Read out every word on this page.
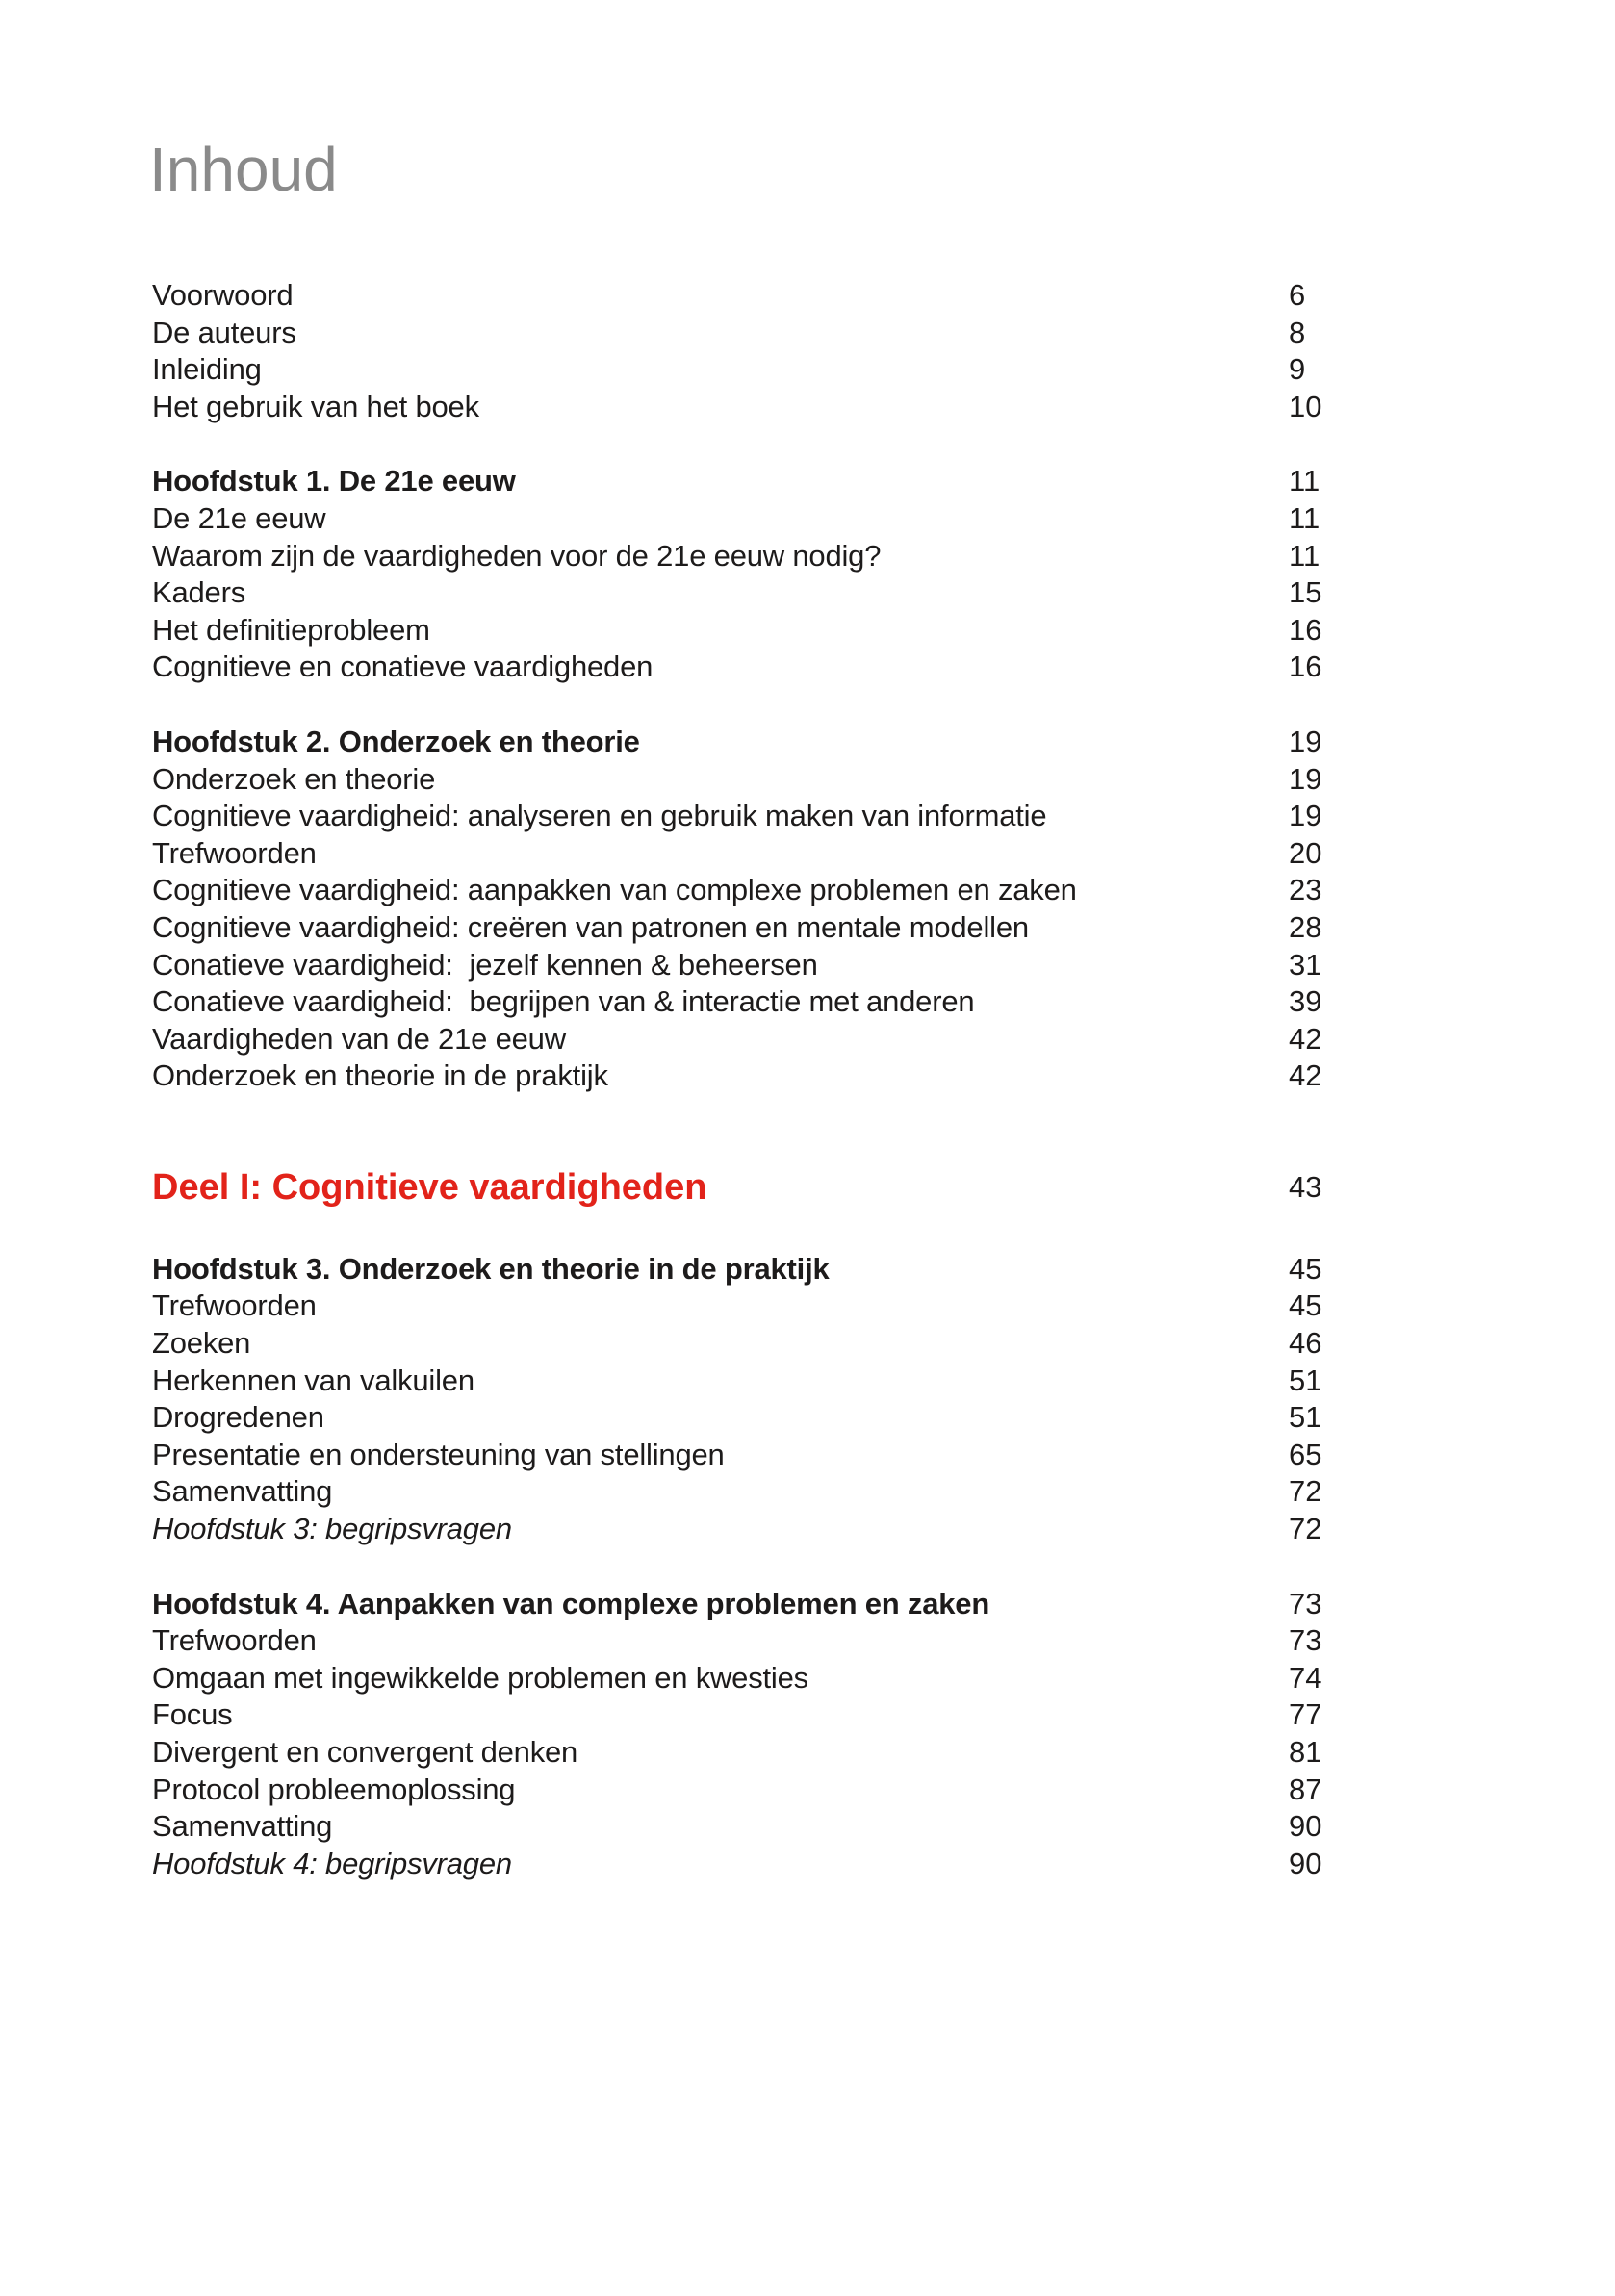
Inhoud
Voorwoord	6
De auteurs	8
Inleiding	9
Het gebruik van het boek	10
Hoofdstuk 1. De 21e eeuw	11
De 21e eeuw	11
Waarom zijn de vaardigheden voor de 21e eeuw nodig?	11
Kaders	15
Het definitieprobleem	16
Cognitieve en conatieve vaardigheden	16
Hoofdstuk 2. Onderzoek en theorie	19
Onderzoek en theorie	19
Cognitieve vaardigheid: analyseren en gebruik maken van informatie	19
Trefwoorden	20
Cognitieve vaardigheid: aanpakken van complexe problemen en zaken	23
Cognitieve vaardigheid: creëren van patronen en mentale modellen	28
Conatieve vaardigheid:  jezelf kennen & beheersen	31
Conatieve vaardigheid:  begrijpen van & interactie met anderen	39
Vaardigheden van de 21e eeuw	42
Onderzoek en theorie in de praktijk	42
Deel I: Cognitieve vaardigheden	43
Hoofdstuk 3. Onderzoek en theorie in de praktijk	45
Trefwoorden	45
Zoeken	46
Herkennen van valkuilen	51
Drogredenen	51
Presentatie en ondersteuning van stellingen	65
Samenvatting	72
Hoofdstuk 3: begripsvragen	72
Hoofdstuk 4. Aanpakken van complexe problemen en zaken	73
Trefwoorden	73
Omgaan met ingewikkelde problemen en kwesties	74
Focus	77
Divergent en convergent denken	81
Protocol probleemoplossing	87
Samenvatting	90
Hoofdstuk 4: begripsvragen	90
